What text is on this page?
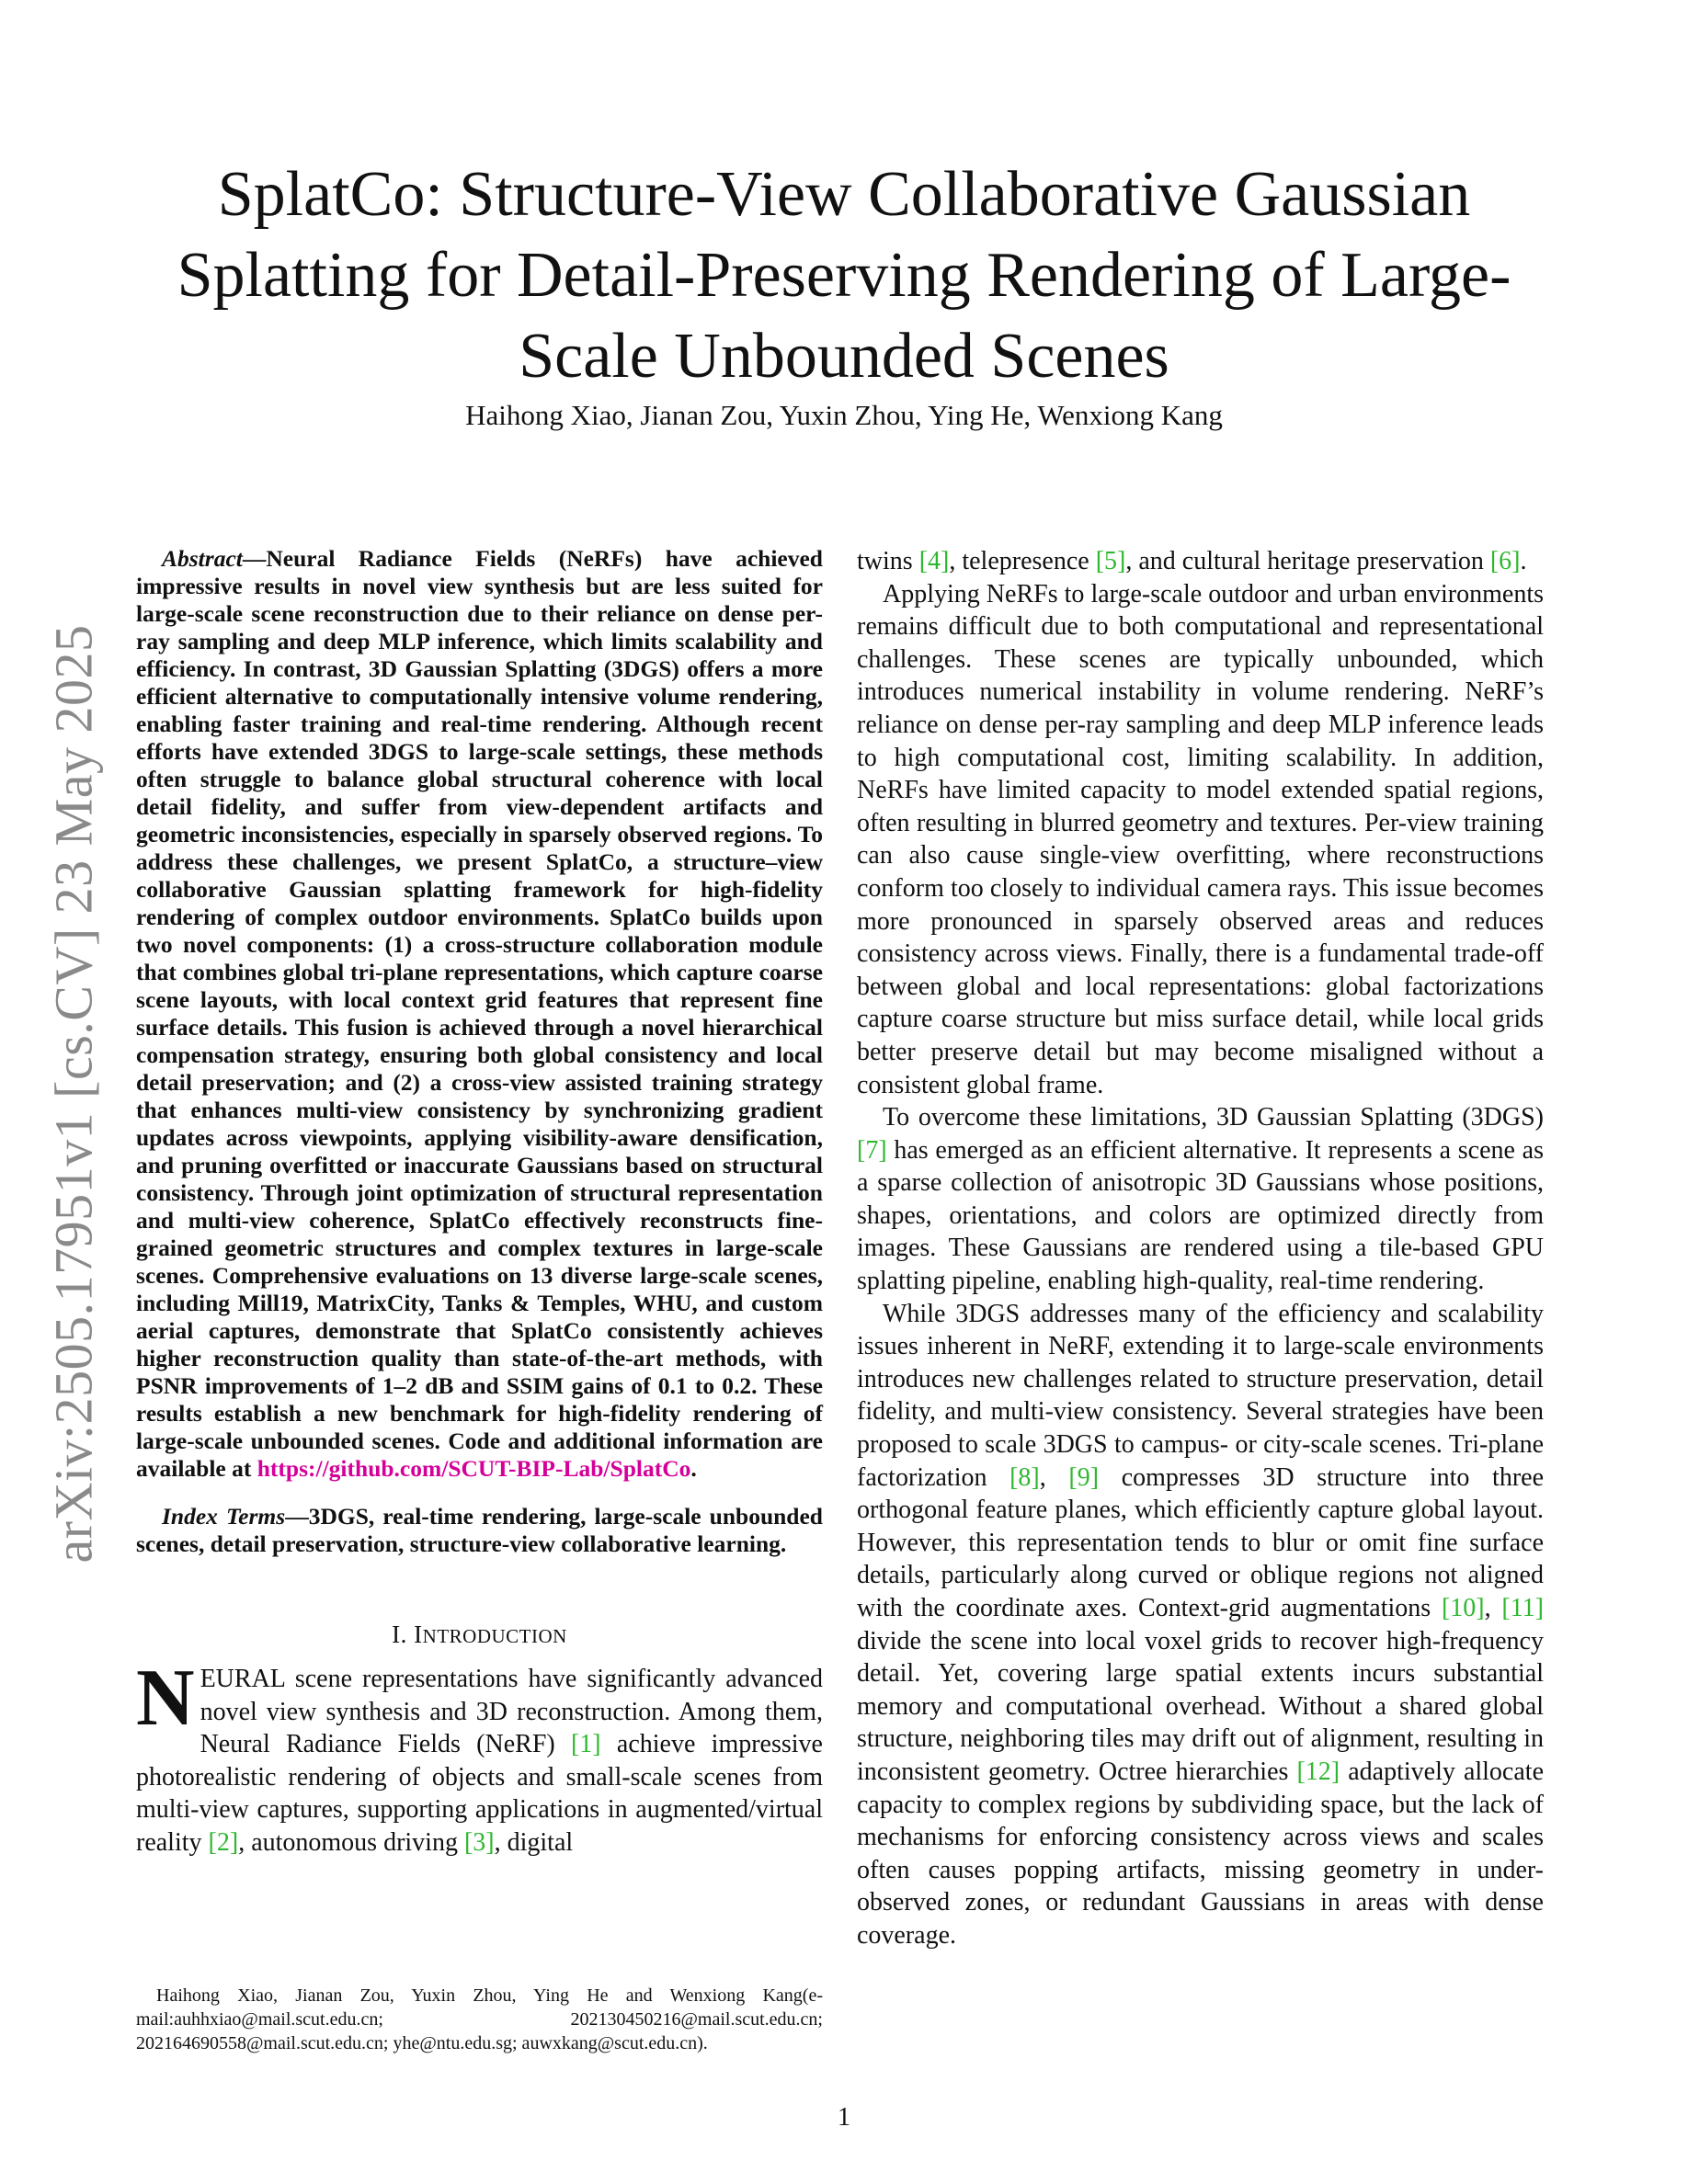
SplatCo: Structure-View Collaborative Gaussian Splatting for Detail-Preserving Rendering of Large-Scale Unbounded Scenes
Haihong Xiao, Jianan Zou, Yuxin Zhou, Ying He, Wenxiong Kang
arXiv:2505.17951v1 [cs.CV] 23 May 2025

Abstract—Neural Radiance Fields (NeRFs) have achieved impressive results in novel view synthesis but are less suited for large-scale scene reconstruction due to their reliance on dense per-ray sampling and deep MLP inference, which limits scalability and efficiency. In contrast, 3D Gaussian Splatting (3DGS) offers a more efficient alternative to computationally intensive volume rendering, enabling faster training and real-time rendering. Although recent efforts have extended 3DGS to large-scale settings, these methods often struggle to balance global structural coherence with local detail fidelity, and suffer from view-dependent artifacts and geometric inconsistencies, especially in sparsely observed regions. To address these challenges, we present SplatCo, a structure–view collaborative Gaussian splatting framework for high-fidelity rendering of complex outdoor environments. SplatCo builds upon two novel components: (1) a cross-structure collaboration module that combines global tri-plane representations, which capture coarse scene layouts, with local context grid features that represent fine surface details. This fusion is achieved through a novel hierarchical compensation strategy, ensuring both global consistency and local detail preservation; and (2) a cross-view assisted training strategy that enhances multi-view consistency by synchronizing gradient updates across viewpoints, applying visibility-aware densification, and pruning overfitted or inaccurate Gaussians based on structural consistency. Through joint optimization of structural representation and multi-view coherence, SplatCo effectively reconstructs fine-grained geometric structures and complex textures in large-scale scenes. Comprehensive evaluations on 13 diverse large-scale scenes, including Mill19, MatrixCity, Tanks & Temples, WHU, and custom aerial captures, demonstrate that SplatCo consistently achieves higher reconstruction quality than state-of-the-art methods, with PSNR improvements of 1–2 dB and SSIM gains of 0.1 to 0.2. These results establish a new benchmark for high-fidelity rendering of large-scale unbounded scenes. Code and additional information are available at https://github.com/SCUT-BIP-Lab/SplatCo.

Index Terms—3DGS, real-time rendering, large-scale unbounded scenes, detail preservation, structure-view collaborative learning.

I. INTRODUCTION

NEURAL scene representations have significantly advanced novel view synthesis and 3D reconstruction. Among them, Neural Radiance Fields (NeRF) [1] achieve impressive photorealistic rendering of objects and small-scale scenes from multi-view captures, supporting applications in augmented/virtual reality [2], autonomous driving [3], digital

Haihong Xiao, Jianan Zou, Yuxin Zhou, Ying He and Wenxiong Kang(e-mail:auhhxiao@mail.scut.edu.cn; 202130450216@mail.scut.edu.cn; 202164690558@mail.scut.edu.cn; yhe@ntu.edu.sg; auwxkang@scut.edu.cn).

twins [4], telepresence [5], and cultural heritage preservation [6].

Applying NeRFs to large-scale outdoor and urban environments remains difficult due to both computational and representational challenges. These scenes are typically unbounded, which introduces numerical instability in volume rendering. NeRF’s reliance on dense per-ray sampling and deep MLP inference leads to high computational cost, limiting scalability. In addition, NeRFs have limited capacity to model extended spatial regions, often resulting in blurred geometry and textures. Per-view training can also cause single-view overfitting, where reconstructions conform too closely to individual camera rays. This issue becomes more pronounced in sparsely observed areas and reduces consistency across views. Finally, there is a fundamental trade-off between global and local representations: global factorizations capture coarse structure but miss surface detail, while local grids better preserve detail but may become misaligned without a consistent global frame.

To overcome these limitations, 3D Gaussian Splatting (3DGS) [7] has emerged as an efficient alternative. It represents a scene as a sparse collection of anisotropic 3D Gaussians whose positions, shapes, orientations, and colors are optimized directly from images. These Gaussians are rendered using a tile-based GPU splatting pipeline, enabling high-quality, real-time rendering.

While 3DGS addresses many of the efficiency and scalability issues inherent in NeRF, extending it to large-scale environments introduces new challenges related to structure preservation, detail fidelity, and multi-view consistency. Several strategies have been proposed to scale 3DGS to campus- or city-scale scenes. Tri-plane factorization [8], [9] compresses 3D structure into three orthogonal feature planes, which efficiently capture global layout. However, this representation tends to blur or omit fine surface details, particularly along curved or oblique regions not aligned with the coordinate axes. Context-grid augmentations [10], [11] divide the scene into local voxel grids to recover high-frequency detail. Yet, covering large spatial extents incurs substantial memory and computational overhead. Without a shared global structure, neighboring tiles may drift out of alignment, resulting in inconsistent geometry. Octree hierarchies [12] adaptively allocate capacity to complex regions by subdividing space, but the lack of mechanisms for enforcing consistency across views and scales often causes popping artifacts, missing geometry in under-observed zones, or redundant Gaussians in areas with dense coverage.

1
